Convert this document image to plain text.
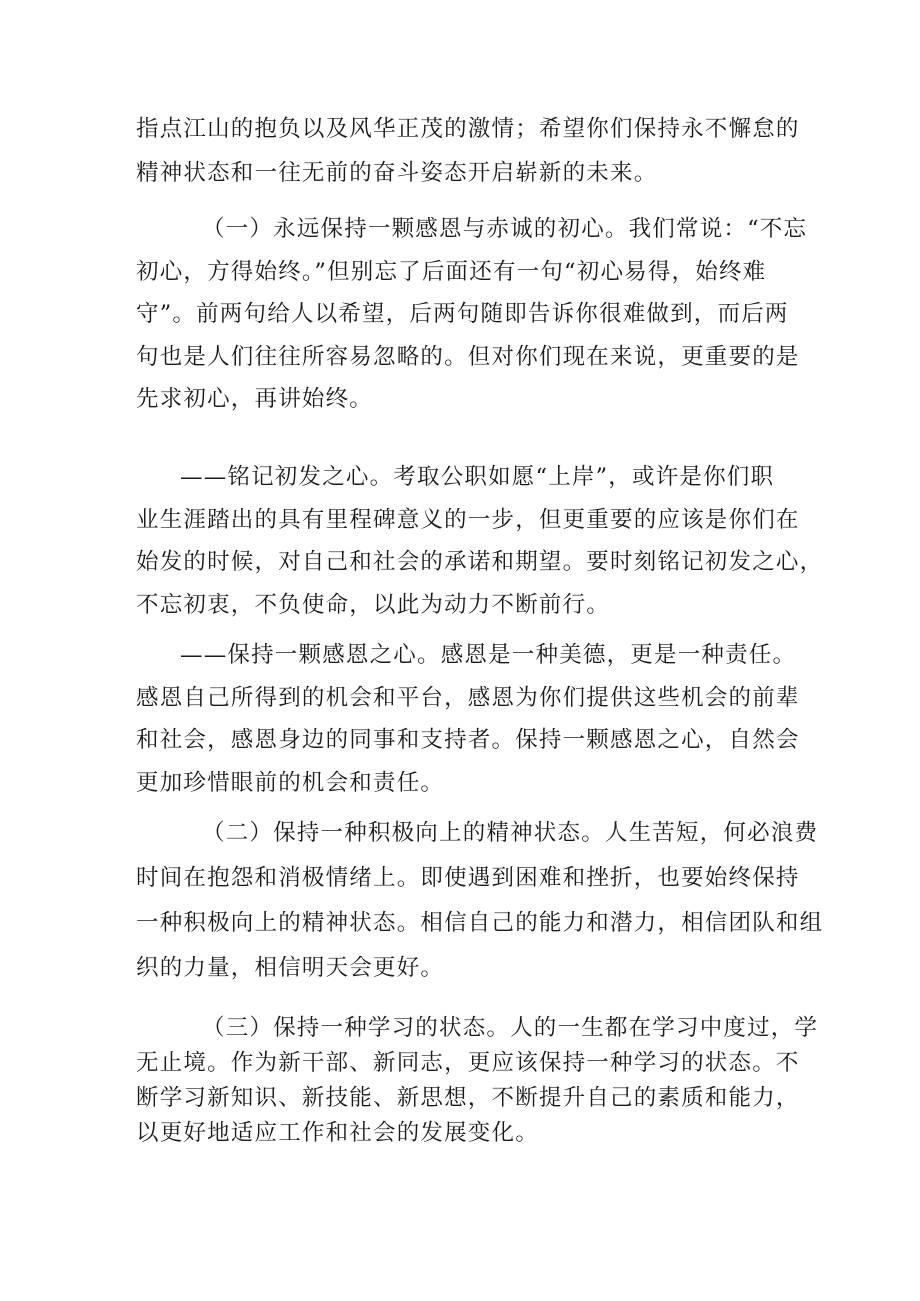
指点江山的抱负以及风华正茂的激情；希望你们保持永不懈怠的
精神状态和一往无前的奋斗姿态开启崭新的未来。
（一）永远保持一颗感恩与赤诚的初心。我们常说：“不忘
初心，方得始终。”但别忘了后面还有一句“初心易得，始终难
守”。前两句给人以希望，后两句随即告诉你很难做到，而后两
句也是人们往往所容易忽略的。但对你们现在来说，更重要的是
先求初心，再讲始终。
——铭记初发之心。考取公职如愿“上岸”，或许是你们职
业生涯踏出的具有里程碑意义的一步，但更重要的应该是你们在
始发的时候，对自己和社会的承诺和期望。要时刻铭记初发之心，
不忘初衷，不负使命，以此为动力不断前行。
——保持一颗感恩之心。感恩是一种美德，更是一种责任。
感恩自己所得到的机会和平台，感恩为你们提供这些机会的前辈
和社会，感恩身边的同事和支持者。保持一颗感恩之心，自然会
更加珍惜眼前的机会和责任。
（二）保持一种积极向上的精神状态。人生苦短，何必浪费
时间在抱怨和消极情绪上。即使遇到困难和挫折，也要始终保持
一种积极向上的精神状态。相信自己的能力和潜力，相信团队和组
织的力量，相信明天会更好。
（三）保持一种学习的状态。人的一生都在学习中度过，学
无止境。作为新干部、新同志，更应该保持一种学习的状态。不
断学习新知识、新技能、新思想，不断提升自己的素质和能力，
以更好地适应工作和社会的发展变化。
